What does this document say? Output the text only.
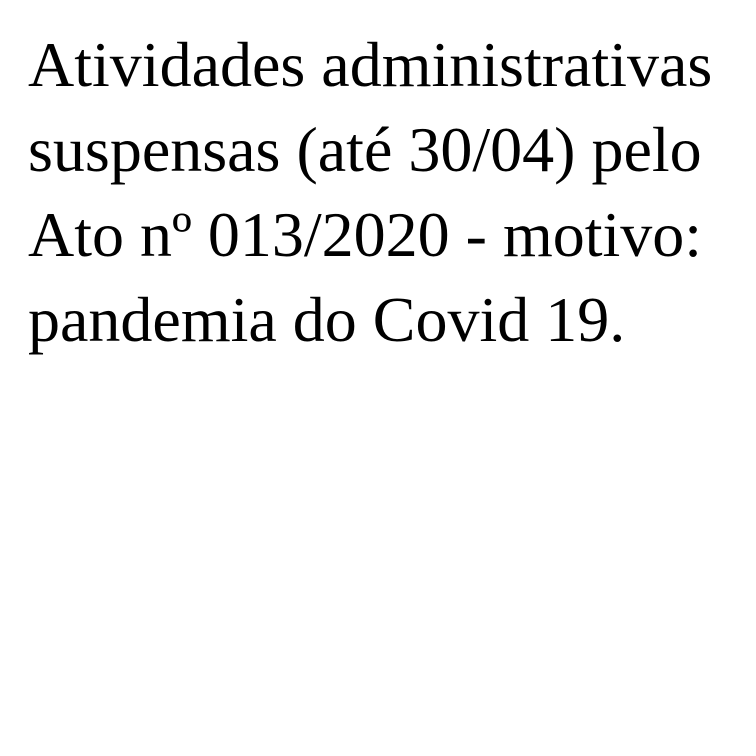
Atividades administrativas suspensas (até 30/04) pelo Ato nº 013/2020 - motivo: pandemia do Covid 19.
